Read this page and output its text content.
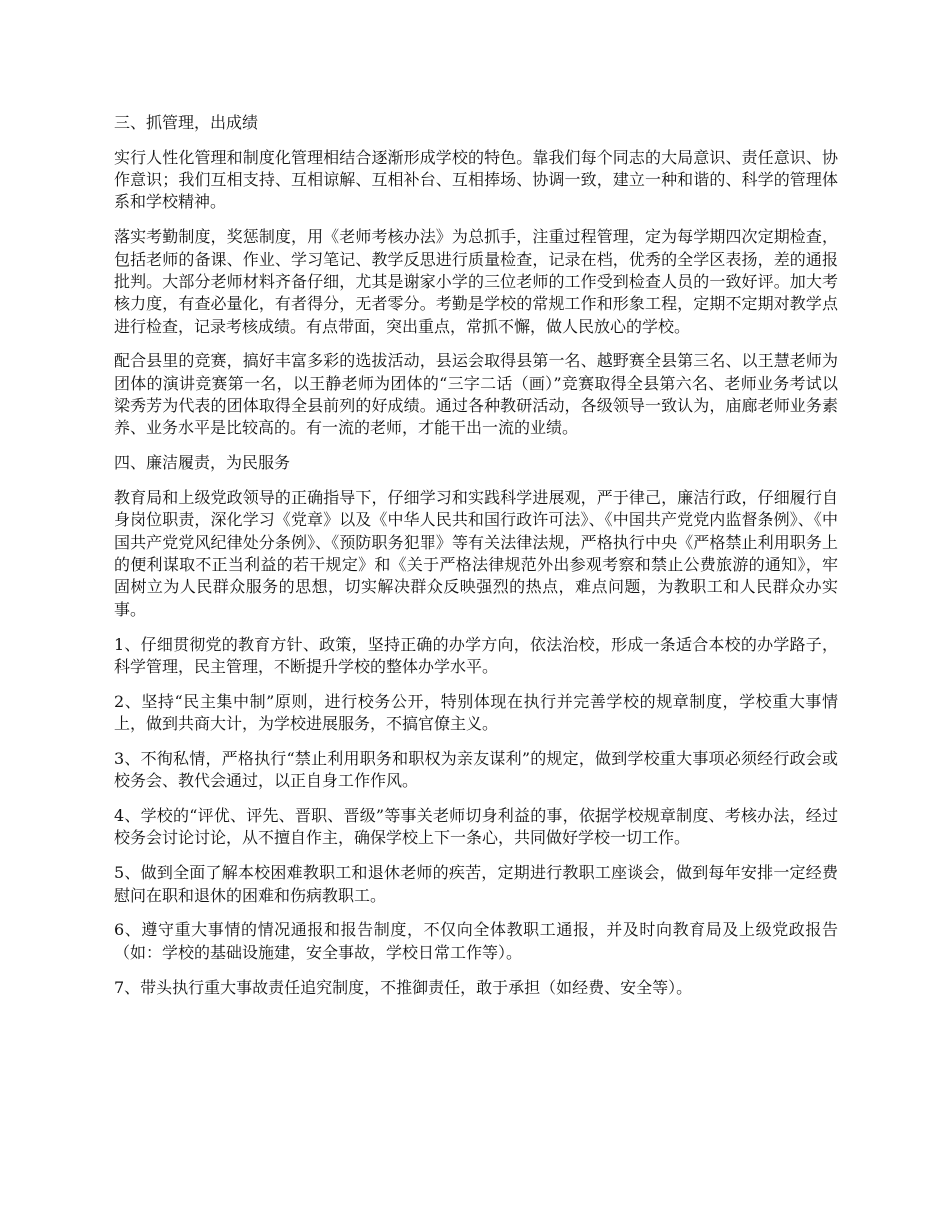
三、抓管理，出成绩

实行人性化管理和制度化管理相结合逐渐形成学校的特色。靠我们每个同志的大局意识、责任意识、协作意识；我们互相支持、互相谅解、互相补台、互相捧场、协调一致，建立一种和谐的、科学的管理体系和学校精神。

落实考勤制度，奖惩制度，用《老师考核办法》为总抓手，注重过程管理，定为每学期四次定期检查，包括老师的备课、作业、学习笔记、教学反思进行质量检查，记录在档，优秀的全学区表扬，差的通报批判。大部分老师材料齐备仔细，尤其是谢家小学的三位老师的工作受到检查人员的一致好评。加大考核力度，有查必量化，有者得分，无者零分。考勤是学校的常规工作和形象工程，定期不定期对教学点进行检查，记录考核成绩。有点带面，突出重点，常抓不懈，做人民放心的学校。

配合县里的竞赛，搞好丰富多彩的选拔活动，县运会取得县第一名、越野赛全县第三名、以王慧老师为团体的演讲竞赛第一名，以王静老师为团体的“三字二话（画）”竞赛取得全县第六名、老师业务考试以梁秀芳为代表的团体取得全县前列的好成绩。通过各种教研活动，各级领导一致认为，庙廊老师业务素养、业务水平是比较高的。有一流的老师，才能干出一流的业绩。

四、廉洁履责，为民服务

教育局和上级党政领导的正确指导下，仔细学习和实践科学进展观，严于律己，廉洁行政，仔细履行自身岗位职责，深化学习《党章》以及《中华人民共和国行政许可法》、《中国共产党党内监督条例》、《中国共产党党风纪律处分条例》、《预防职务犯罪》等有关法律法规，严格执行中央《严格禁止利用职务上的便利谋取不正当利益的若干规定》和《关于严格法律规范外出参观考察和禁止公费旅游的通知》，牢固树立为人民群众服务的思想，切实解决群众反映强烈的热点，难点问题，为教职工和人民群众办实事。

1、仔细贯彻党的教育方针、政策，坚持正确的办学方向，依法治校，形成一条适合本校的办学路子，科学管理，民主管理，不断提升学校的整体办学水平。

2、坚持“民主集中制”原则，进行校务公开，特别体现在执行并完善学校的规章制度，学校重大事情上，做到共商大计，为学校进展服务，不搞官僚主义。

3、不徇私情，严格执行“禁止利用职务和职权为亲友谋利”的规定，做到学校重大事项必须经行政会或校务会、教代会通过，以正自身工作作风。

4、学校的“评优、评先、晋职、晋级”等事关老师切身利益的事，依据学校规章制度、考核办法，经过校务会讨论讨论，从不擅自作主，确保学校上下一条心，共同做好学校一切工作。

5、做到全面了解本校困难教职工和退休老师的疾苦，定期进行教职工座谈会，做到每年安排一定经费慰问在职和退休的困难和伤病教职工。

6、遵守重大事情的情况通报和报告制度，不仅向全体教职工通报，并及时向教育局及上级党政报告（如：学校的基础设施建，安全事故，学校日常工作等）。

7、带头执行重大事故责任追究制度，不推御责任，敢于承担（如经费、安全等）。
